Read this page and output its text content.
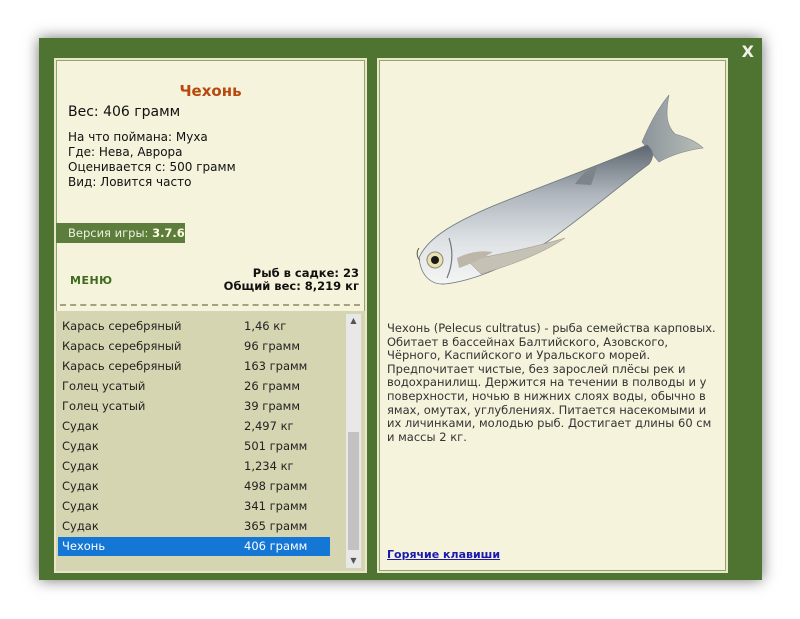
X
Чехонь
Вес: 406 грамм
На что поймана: Муха
Где: Нева, Аврора
Оценивается с: 500 грамм
Вид: Ловится часто
Версия игры: 3.7.6
МЕНЮ
Рыб в садке: 23
Общий вес: 8,219 кг
Карась серебряный	1,46 кг
Карась серебряный	96 грамм
Карась серебряный	163 грамм
Голец усатый	26 грамм
Голец усатый	39 грамм
Судак	2,497 кг
Судак	501 грамм
Судак	1,234 кг
Судак	498 грамм
Судак	341 грамм
Судак	365 грамм
Чехонь	406 грамм
▲
▼
Чехонь (Pelecus cultratus) - рыба семейства карповых. Обитает в бассейнах Балтийского, Азовского, Чёрного, Каспийского и Уральского морей. Предпочитает чистые, без зарослей плёсы рек и водохранилищ. Держится на течении в полводы и у поверхности, ночью в нижних слоях воды, обычно в ямах, омутах, углублениях. Питается насекомыми и их личинками, молодью рыб. Достигает длины 60 см и массы 2 кг.
Горячие клавиши
